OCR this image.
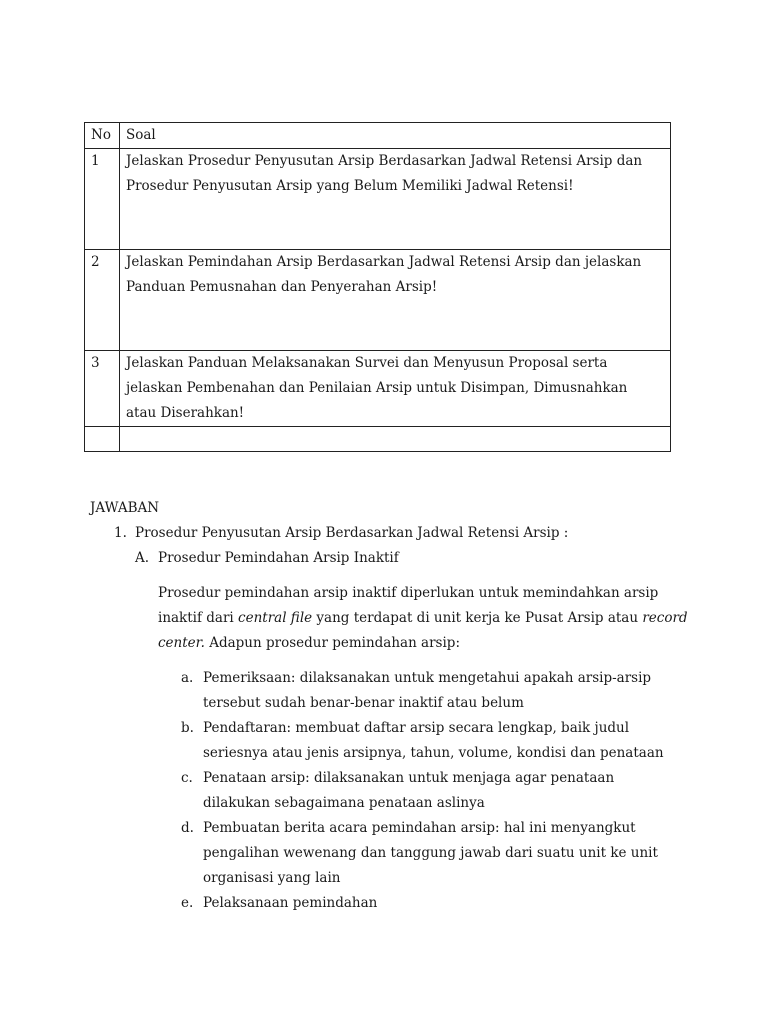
No	Soal
1	Jelaskan Prosedur Penyusutan Arsip Berdasarkan Jadwal Retensi Arsip dan
Prosedur Penyusutan Arsip yang Belum Memiliki Jadwal Retensi!

2	Jelaskan Pemindahan Arsip Berdasarkan Jadwal Retensi Arsip dan jelaskan
Panduan Pemusnahan dan Penyerahan Arsip!

3	Jelaskan Panduan Melaksanakan Survei dan Menyusun Proposal serta
jelaskan Pembenahan dan Penilaian Arsip untuk Disimpan, Dimusnahkan
atau Diserahkan!

JAWABAN
1. Prosedur Penyusutan Arsip Berdasarkan Jadwal Retensi Arsip :
A. Prosedur Pemindahan Arsip Inaktif
Prosedur pemindahan arsip inaktif diperlukan untuk memindahkan arsip
inaktif dari central file yang terdapat di unit kerja ke Pusat Arsip atau record
center. Adapun prosedur pemindahan arsip:
a. Pemeriksaan: dilaksanakan untuk mengetahui apakah arsip-arsip
tersebut sudah benar-benar inaktif atau belum
b. Pendaftaran: membuat daftar arsip secara lengkap, baik judul
seriesnya atau jenis arsipnya, tahun, volume, kondisi dan penataan
c. Penataan arsip: dilaksanakan untuk menjaga agar penataan
dilakukan sebagaimana penataan aslinya
d. Pembuatan berita acara pemindahan arsip: hal ini menyangkut
pengalihan wewenang dan tanggung jawab dari suatu unit ke unit
organisasi yang lain
e. Pelaksanaan pemindahan
